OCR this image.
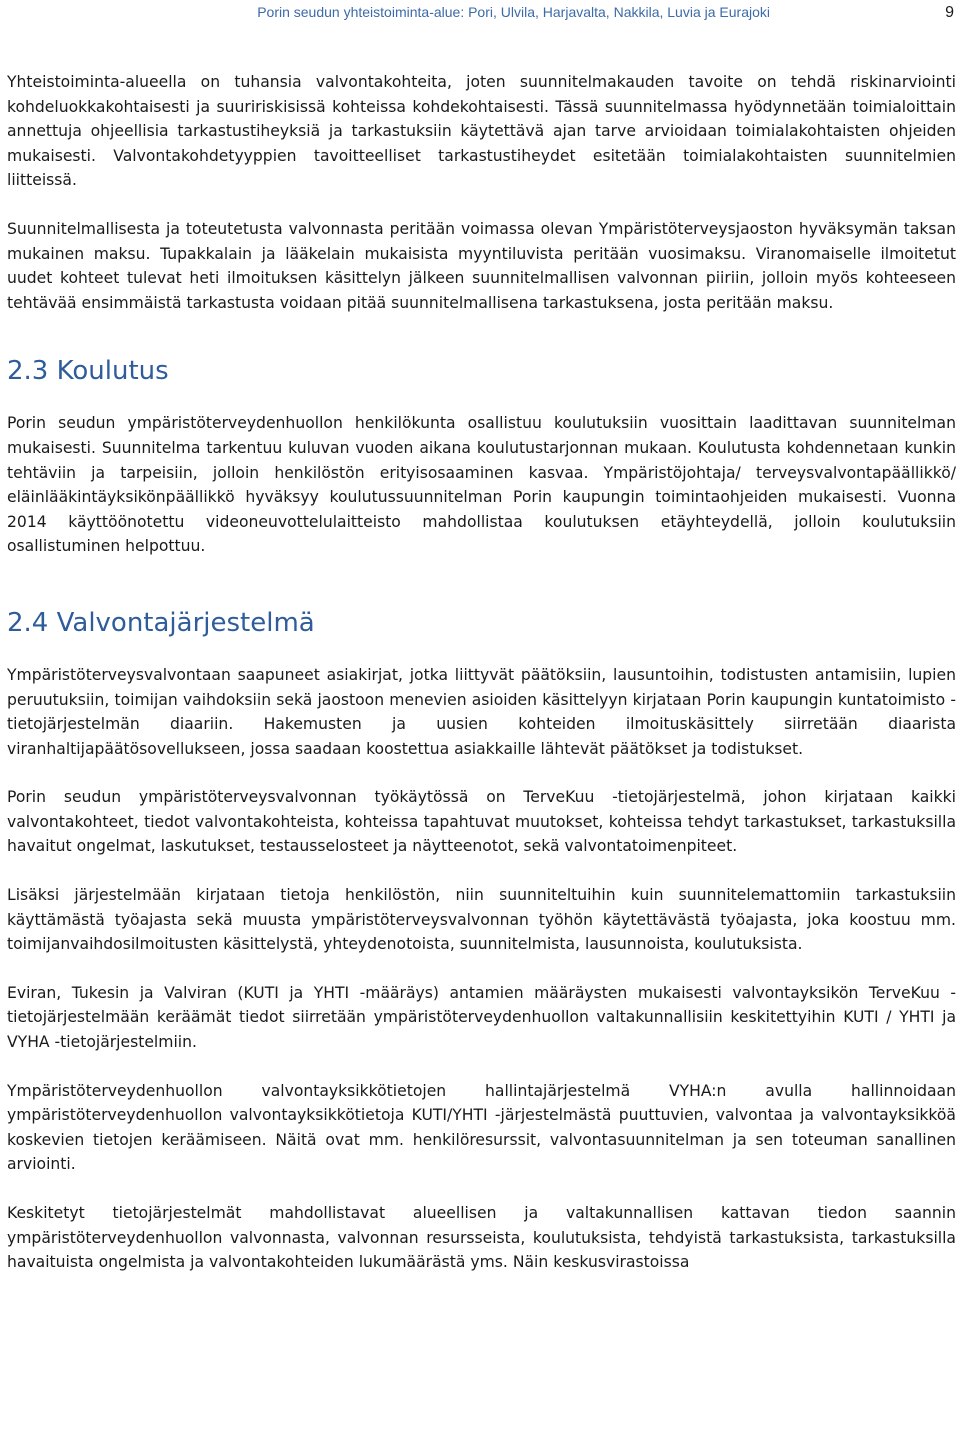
Porin seudun yhteistoiminta-alue: Pori, Ulvila, Harjavalta, Nakkila, Luvia ja Eurajoki	9

Yhteistoiminta-alueella on tuhansia valvontakohteita, joten suunnitelmakauden tavoite on tehdä riskinarviointi kohdeluokkakohtaisesti ja suuririskisissä kohteissa kohdekohtaisesti. Tässä suunnitelmassa hyödynnetään toimialoittain annettuja ohjeellisia tarkastustiheyksiä ja tarkastuksiin käytettävä ajan tarve arvioidaan toimialakohtaisten ohjeiden mukaisesti. Valvontakohdetyyppien tavoitteelliset tarkastustiheydet esitetään toimialakohtaisten suunnitelmien liitteissä.

Suunnitelmallisesta ja toteutetusta valvonnasta peritään voimassa olevan Ympäristöterveysjaoston hyväksymän taksan mukainen maksu. Tupakkalain ja lääkelain mukaisista myyntiluvista peritään vuosimaksu. Viranomaiselle ilmoitetut uudet kohteet tulevat heti ilmoituksen käsittelyn jälkeen suunnitelmallisen valvonnan piiriin, jolloin myös kohteeseen tehtävää ensimmäistä tarkastusta voidaan pitää suunnitelmallisena tarkastuksena, josta peritään maksu.

2.3 Koulutus

Porin seudun ympäristöterveydenhuollon henkilökunta osallistuu koulutuksiin vuosittain laadittavan suunnitelman mukaisesti. Suunnitelma tarkentuu kuluvan vuoden aikana koulutustarjonnan mukaan. Koulutusta kohdennetaan kunkin tehtäviin ja tarpeisiin, jolloin henkilöstön erityisosaaminen kasvaa. Ympäristöjohtaja/ terveysvalvontapäällikkö/ eläinlääkintäyksikönpäällikkö hyväksyy koulutussuunnitelman Porin kaupungin toimintaohjeiden mukaisesti. Vuonna 2014 käyttöönotettu videoneuvottelulaitteisto mahdollistaa koulutuksen etäyhteydellä, jolloin koulutuksiin osallistuminen helpottuu.

2.4 Valvontajärjestelmä

Ympäristöterveysvalvontaan saapuneet asiakirjat, jotka liittyvät päätöksiin, lausuntoihin, todistusten antamisiin, lupien peruutuksiin, toimijan vaihdoksiin sekä jaostoon menevien asioiden käsittelyyn kirjataan Porin kaupungin kuntatoimisto -tietojärjestelmän diaariin. Hakemusten ja uusien kohteiden ilmoituskäsittely siirretään diaarista viranhaltijapäätösovellukseen, jossa saadaan koostettua asiakkaille lähtevät päätökset ja todistukset.

Porin seudun ympäristöterveysvalvonnan työkäytössä on TerveKuu -tietojärjestelmä, johon kirjataan kaikki valvontakohteet, tiedot valvontakohteista, kohteissa tapahtuvat muutokset, kohteissa tehdyt tarkastukset, tarkastuksilla havaitut ongelmat, laskutukset, testausselosteet ja näytteenotot, sekä valvontatoimenpiteet.

Lisäksi järjestelmään kirjataan tietoja henkilöstön, niin suunniteltuihin kuin suunnitelemattomiin tarkastuksiin käyttämästä työajasta sekä muusta ympäristöterveysvalvonnan työhön käytettävästä työajasta, joka koostuu mm. toimijanvaihdosilmoitusten käsittelystä, yhteydenotoista, suunnitelmista, lausunnoista, koulutuksista.

Eviran, Tukesin ja Valviran (KUTI ja YHTI -määräys) antamien määräysten mukaisesti valvontayksikön TerveKuu -tietojärjestelmään keräämät tiedot siirretään ympäristöterveydenhuollon valtakunnallisiin keskitettyihin KUTI / YHTI ja VYHA -tietojärjestelmiin.

Ympäristöterveydenhuollon valvontayksikkötietojen hallintajärjestelmä VYHA:n avulla hallinnoidaan ympäristöterveydenhuollon valvontayksikkötietoja KUTI/YHTI -järjestelmästä puuttuvien, valvontaa ja valvontayksikköä koskevien tietojen keräämiseen. Näitä ovat mm. henkilöresurssit, valvontasuunnitelman ja sen toteuman sanallinen arviointi.

Keskitetyt tietojärjestelmät mahdollistavat alueellisen ja valtakunnallisen kattavan tiedon saannin ympäristöterveydenhuollon valvonnasta, valvonnan resursseista, koulutuksista, tehdyistä tarkastuksista, tarkastuksilla havaituista ongelmista ja valvontakohteiden lukumäärästä yms. Näin keskusvirastoissa
